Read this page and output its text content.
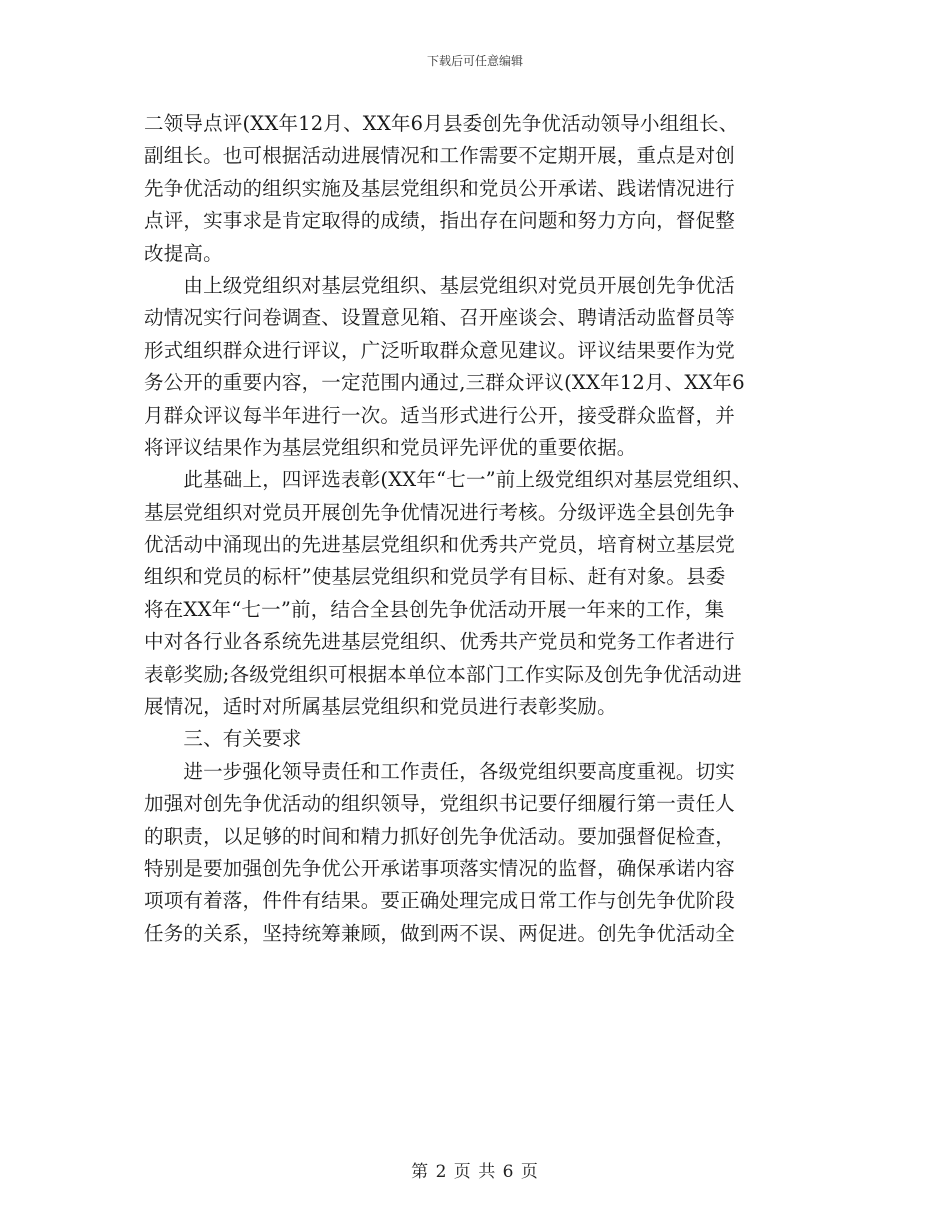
下载后可任意编辑
二领导点评(XX年12月、XX年6月县委创先争优活动领导小组组长、
副组长。也可根据活动进展情况和工作需要不定期开展，重点是对创
先争优活动的组织实施及基层党组织和党员公开承诺、践诺情况进行
点评，实事求是肯定取得的成绩，指出存在问题和努力方向，督促整
改提高。
　　由上级党组织对基层党组织、基层党组织对党员开展创先争优活
动情况实行问卷调查、设置意见箱、召开座谈会、聘请活动监督员等
形式组织群众进行评议，广泛听取群众意见建议。评议结果要作为党
务公开的重要内容，一定范围内通过,三群众评议(XX年12月、XX年6
月群众评议每半年进行一次。适当形式进行公开，接受群众监督，并
将评议结果作为基层党组织和党员评先评优的重要依据。
　　此基础上，四评选表彰(XX年“七一”前上级党组织对基层党组织、
基层党组织对党员开展创先争优情况进行考核。分级评选全县创先争
优活动中涌现出的先进基层党组织和优秀共产党员，培育树立基层党
组织和党员的标杆”使基层党组织和党员学有目标、赶有对象。县委
将在XX年“七一”前，结合全县创先争优活动开展一年来的工作，集
中对各行业各系统先进基层党组织、优秀共产党员和党务工作者进行
表彰奖励;各级党组织可根据本单位本部门工作实际及创先争优活动进
展情况，适时对所属基层党组织和党员进行表彰奖励。
　　三、有关要求
　　进一步强化领导责任和工作责任，各级党组织要高度重视。切实
加强对创先争优活动的组织领导，党组织书记要仔细履行第一责任人
的职责，以足够的时间和精力抓好创先争优活动。要加强督促检查，
特别是要加强创先争优公开承诺事项落实情况的监督，确保承诺内容
项项有着落，件件有结果。要正确处理完成日常工作与创先争优阶段
任务的关系，坚持统筹兼顾，做到两不误、两促进。创先争优活动全
第 2 页 共 6 页
